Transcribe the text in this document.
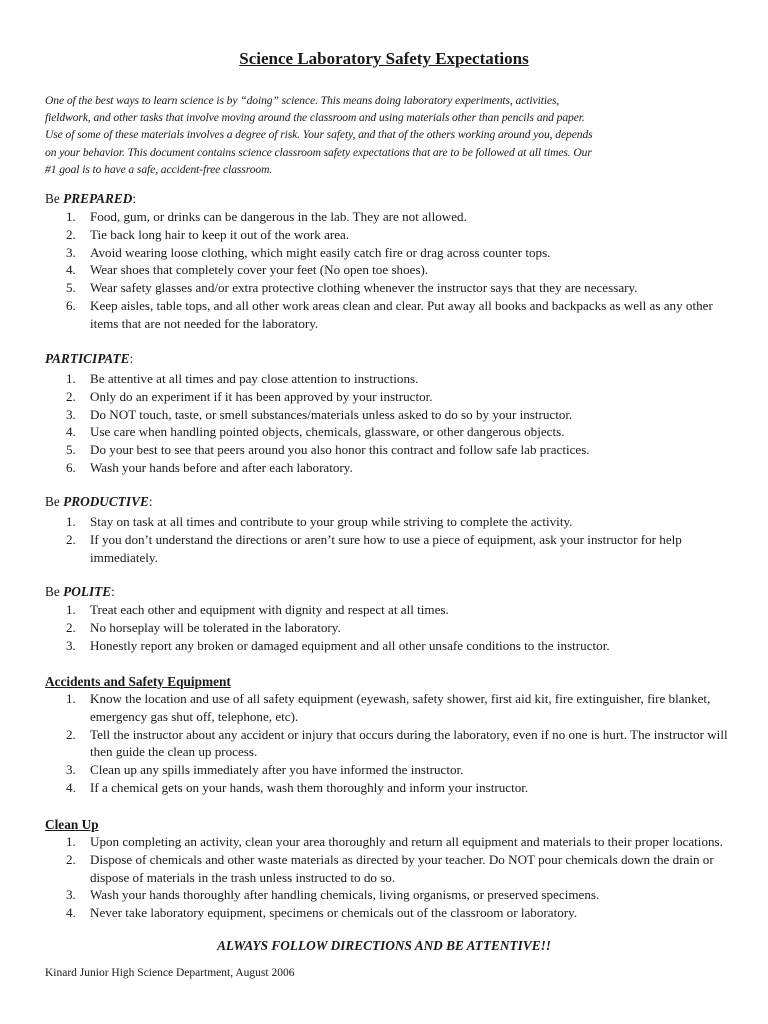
Science Laboratory Safety Expectations

One of the best ways to learn science is by “doing” science. This means doing laboratory experiments, activities,
fieldwork, and other tasks that involve moving around the classroom and using materials other than pencils and paper.
Use of some of these materials involves a degree of risk. Your safety, and that of the others working around you, depends
on your behavior. This document contains science classroom safety expectations that are to be followed at all times. Our
#1 goal is to have a safe, accident-free classroom.

Be PREPARED:
1.	Food, gum, or drinks can be dangerous in the lab. They are not allowed.
2.	Tie back long hair to keep it out of the work area.
3.	Avoid wearing loose clothing, which might easily catch fire or drag across counter tops.
4.	Wear shoes that completely cover your feet (No open toe shoes).
5.	Wear safety glasses and/or extra protective clothing whenever the instructor says that they are necessary.
6.	Keep aisles, table tops, and all other work areas clean and clear. Put away all books and backpacks as well as any other items that are not needed for the laboratory.
PARTICIPATE:
1.	Be attentive at all times and pay close attention to instructions.
2.	Only do an experiment if it has been approved by your instructor.
3.	Do NOT touch, taste, or smell substances/materials unless asked to do so by your instructor.
4.	Use care when handling pointed objects, chemicals, glassware, or other dangerous objects.
5.	Do your best to see that peers around you also honor this contract and follow safe lab practices.
6.	Wash your hands before and after each laboratory.
Be PRODUCTIVE:
1.	Stay on task at all times and contribute to your group while striving to complete the activity.
2.	If you don’t understand the directions or aren’t sure how to use a piece of equipment, ask your instructor for help immediately.
Be POLITE:
1.	Treat each other and equipment with dignity and respect at all times.
2.	No horseplay will be tolerated in the laboratory.
3.	Honestly report any broken or damaged equipment and all other unsafe conditions to the instructor.
Accidents and Safety Equipment
1.	Know the location and use of all safety equipment (eyewash, safety shower, first aid kit, fire extinguisher, fire blanket, emergency gas shut off, telephone, etc).
2.	Tell the instructor about any accident or injury that occurs during the laboratory, even if no one is hurt. The instructor will then guide the clean up process.
3.	Clean up any spills immediately after you have informed the instructor.
4.	If a chemical gets on your hands, wash them thoroughly and inform your instructor.
Clean Up
1.	Upon completing an activity, clean your area thoroughly and return all equipment and materials to their proper locations.
2.	Dispose of chemicals and other waste materials as directed by your teacher. Do NOT pour chemicals down the drain or dispose of materials in the trash unless instructed to do so.
3.	Wash your hands thoroughly after handling chemicals, living organisms, or preserved specimens.
4.	Never take laboratory equipment, specimens or chemicals out of the classroom or laboratory.
ALWAYS FOLLOW DIRECTIONS AND BE ATTENTIVE!!
Kinard Junior High Science Department, August 2006
